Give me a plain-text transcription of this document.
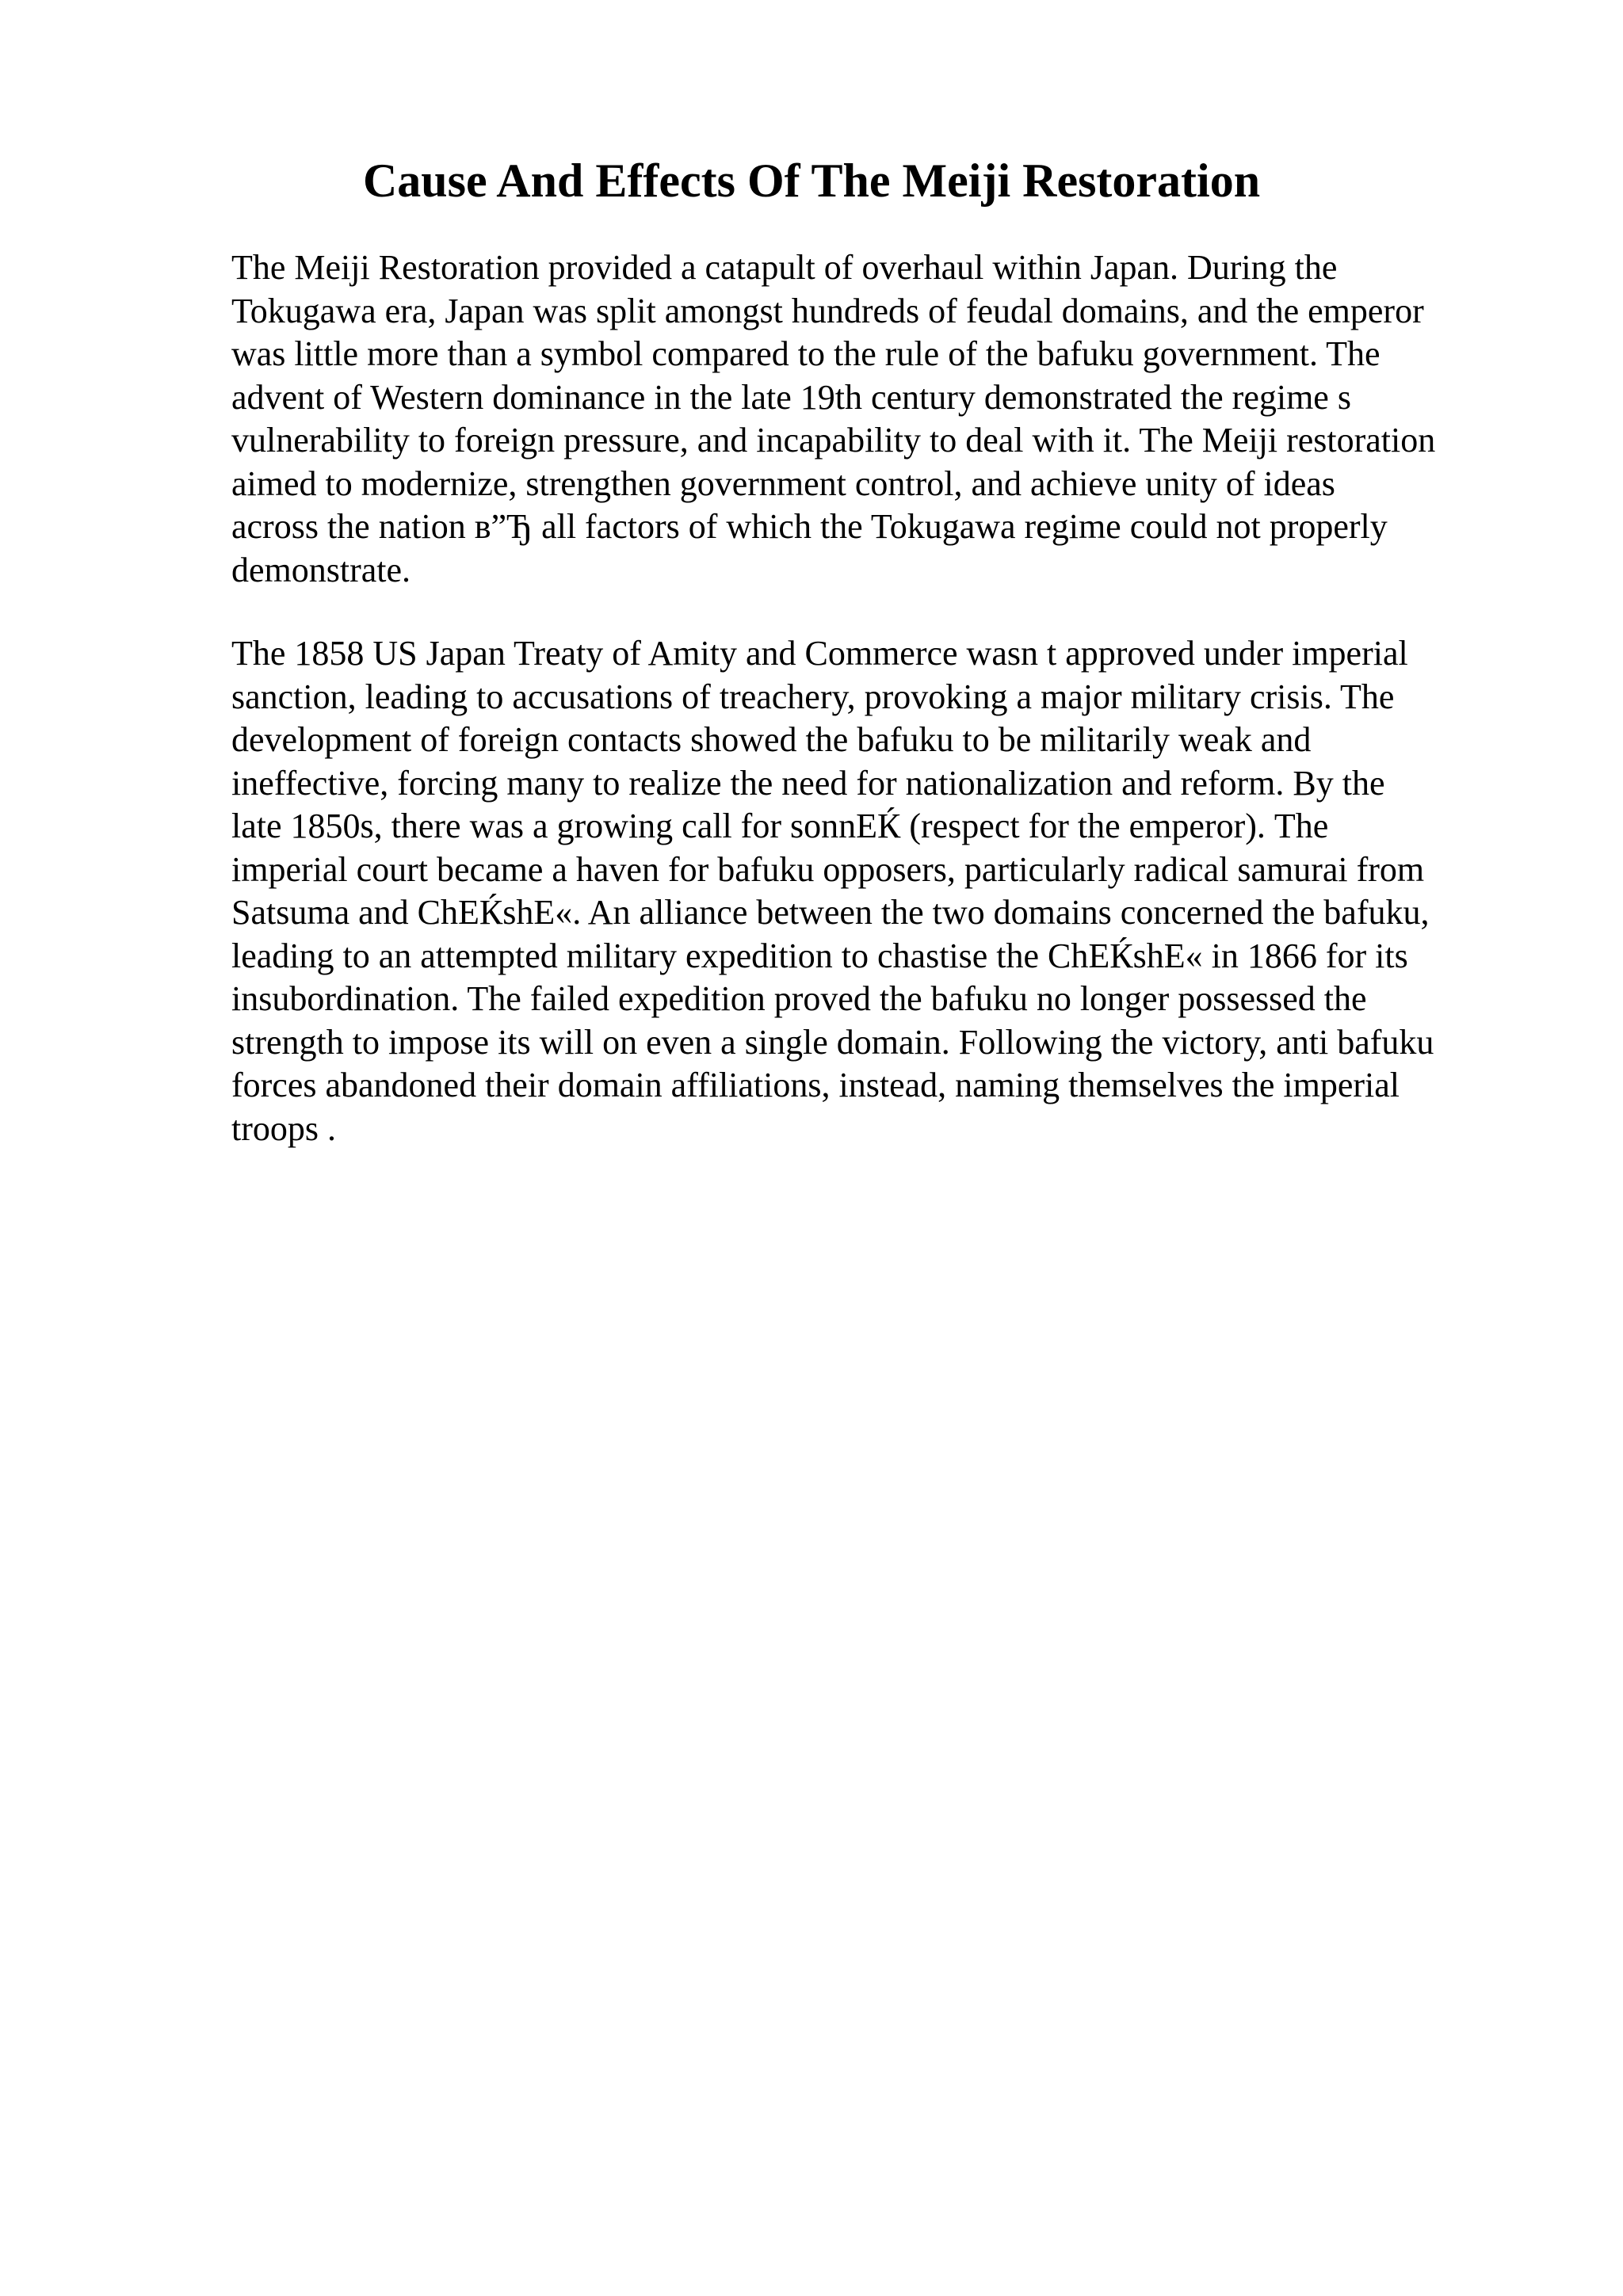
Cause And Effects Of The Meiji Restoration
The Meiji Restoration provided a catapult of overhaul within Japan. During the
Tokugawa era, Japan was split amongst hundreds of feudal domains, and the emperor
was little more than a symbol compared to the rule of the bafuku government. The
advent of Western dominance in the late 19th century demonstrated the regime s
vulnerability to foreign pressure, and incapability to deal with it. The Meiji restoration
aimed to modernize, strengthen government control, and achieve unity of ideas
across the nation в”Ђ all factors of which the Tokugawa regime could not properly
demonstrate.
The 1858 US Japan Treaty of Amity and Commerce wasn t approved under imperial
sanction, leading to accusations of treachery, provoking a major military crisis. The
development of foreign contacts showed the bafuku to be militarily weak and
ineffective, forcing many to realize the need for nationalization and reform. By the
late 1850s, there was a growing call for sonnEЌ (respect for the emperor). The
imperial court became a haven for bafuku opposers, particularly radical samurai from
Satsuma and ChEЌshE«. An alliance between the two domains concerned the bafuku,
leading to an attempted military expedition to chastise the ChEЌshE« in 1866 for its
insubordination. The failed expedition proved the bafuku no longer possessed the
strength to impose its will on even a single domain. Following the victory, anti bafuku
forces abandoned their domain affiliations, instead, naming themselves the imperial
troops .
